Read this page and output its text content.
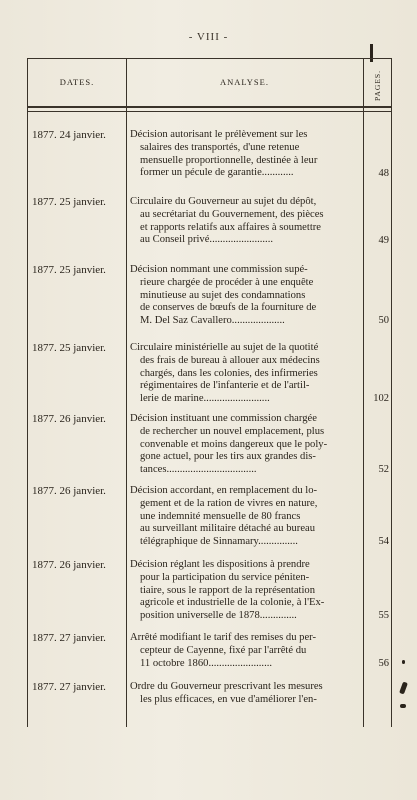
- VIII -
DATES.	ANALYSE.	PAGES.
1877. 24 janvier.	Décision autorisant le prélèvement sur les
salaires des transportés, d'une retenue
mensuelle proportionnelle, destinée à leur
former un pécule de garantie............	48
1877. 25 janvier.	Circulaire du Gouverneur au sujet du dépôt,
au secrétariat du Gouvernement, des pièces
et rapports relatifs aux affaires à soumettre
au Conseil privé........................	49
1877. 25 janvier.	Décision nommant une commission supé-
rieure chargée de procéder à une enquête
minutieuse au sujet des condamnations
de conserves de bœufs de la fourniture de
M. Del Saz Cavallero....................	50
1877. 25 janvier.	Circulaire ministérielle au sujet de la quotité
des frais de bureau à allouer aux médecins
chargés, dans les colonies, des infirmeries
régimentaires de l'infanterie et de l'artil-
lerie de marine.........................	102
1877. 26 janvier.	Décision instituant une commission chargée
de rechercher un nouvel emplacement, plus
convenable et moins dangereux que le poly-
gone actuel, pour les tirs aux grandes dis-
tances..................................	52
1877. 26 janvier.	Décision accordant, en remplacement du lo-
gement et de la ration de vivres en nature,
une indemnité mensuelle de 80 francs
au surveillant militaire détaché au bureau
télégraphique de Sinnamary...............	54
1877. 26 janvier.	Décision réglant les dispositions à prendre
pour la participation du service péniten-
tiaire, sous le rapport de la représentation
agricole et industrielle de la colonie, à l'Ex-
position universelle de 1878..............	55
1877. 27 janvier.	Arrêté modifiant le tarif des remises du per-
cepteur de Cayenne, fixé par l'arrêté du
11 octobre 1860........................	56
1877. 27 janvier.	Ordre du Gouverneur prescrivant les mesures
les plus efficaces, en vue d'améliorer l'en-
